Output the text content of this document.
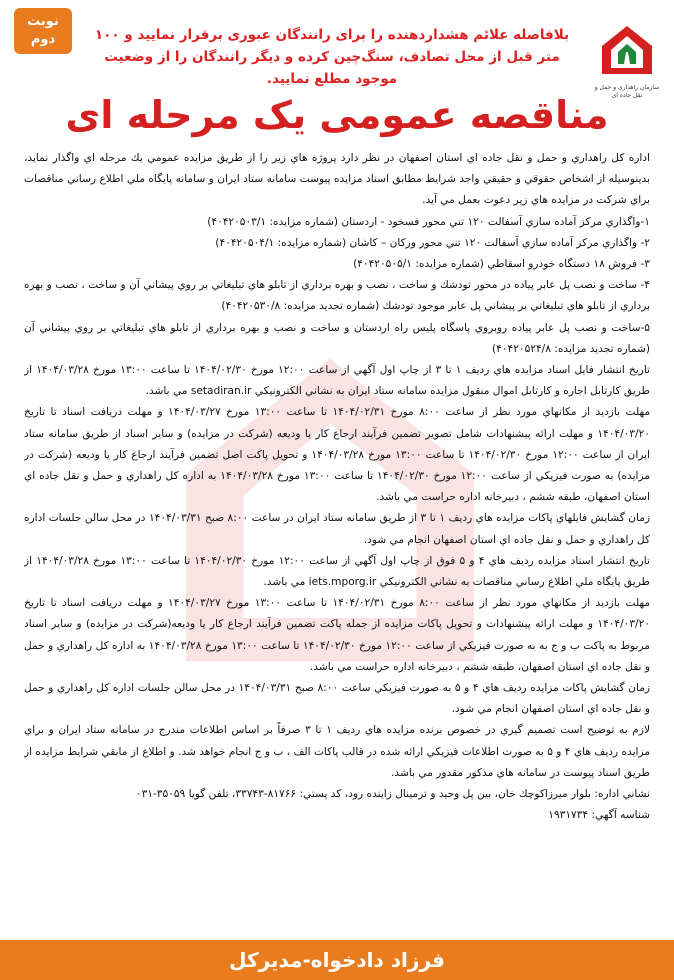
نوبت دوم
سازمان راهداری و حمل و نقل جاده ای
بلافاصله علائم هشداردهنده را برای رانندگان عبوری برقرار نمایید و ۱۰۰ متر قبل از محل تصادف، سنگ‌چین کرده و دیگر رانندگان را از وضعیت موجود مطلع نمایید.
مناقصه عمومی یک مرحله ای

اداره کل راهداري و حمل و نقل جاده اي استان اصفهان در نظر دارد پروژه هاي زير را از طريق مزايده عمومي يك مرحله اي واگذار نمايد، بدينوسيله از اشخاص حقوقي و حقيقي واجد شرايط مطابق اسناد مزايده پيوست سامانه ستاد ايران و سامانه پايگاه ملي اطلاع رساني مناقصات براي شركت در مزايده هاي زير دعوت بعمل مي آيد.

۱-واگذاري مركز آماده سازي آسفالت ۱۲۰ تني محور فسخود - اردستان (شماره مزايده: ۴۰۴۲۰۵۰۳/۱)

۲- واگذاري مركز آماده سازي آسفالت ۱۲۰ تني محور وركان – كاشان (شماره مزايده: ۴۰۴۲۰۵۰۴/۱)

۳- فروش ۱۸ دستگاه خودرو اسقاطي (شماره مزايده: ۴۰۴۲۰۵۰۵/۱)

۴- ساخت و نصب پل عابر پياده در محور تودشك و ساخت ، نصب و بهره برداري از تابلو هاي تبليغاتي بر روي پيشاني آن و ساخت ، نصب و بهره برداري از تابلو هاي تبليغاتي بر پيشاني پل عابر موجود تودشك (شماره تجديد مزايده: ۴۰۴۲۰۵۳۰/۸)

۵-ساخت و نصب پل عابر پياده روبروي پاسگاه پليس راه اردستان و ساخت و نصب و بهره برداري از تابلو هاي تبليغاتي بر روي پيشاني آن (شماره تجديد مزايده: ۴۰۴۲۰۵۲۴/۸)

تاريخ انتشار فايل اسناد مزايده هاي رديف ۱ تا ۳ از چاپ اول آگهي از ساعت ۱۲:۰۰ مورخ ۱۴۰۴/۰۲/۳۰ تا ساعت ۱۳:۰۰ مورخ ۱۴۰۴/۰۳/۲۸ از طريق كارتابل اجاره و كارتابل اموال منقول مزايده سامانه ستاد ايران به نشاني الكترونيكي setadiran.ir مي باشد.

مهلت بازديد از مكانهاي مورد نظر از ساعت ۸:۰۰ مورخ ۱۴۰۴/۰۲/۳۱ تا ساعت ۱۳:۰۰ مورخ ۱۴۰۴/۰۳/۲۷ و مهلت دريافت اسناد تا تاريخ ۱۴۰۴/۰۳/۲۰ و مهلت ارائه پيشنهادات شامل تصوير تضمين فرآيند ارجاع كار يا وديعه (شركت در مزايده) و ساير اسناد از طريق سامانه ستاد ايران از ساعت ۱۲:۰۰ مورخ ۱۴۰۴/۰۲/۳۰ تا ساعت ۱۳:۰۰ مورخ ۱۴۰۴/۰۳/۲۸ و تحويل پاكت اصل تضمين فرآيند ارجاع كار يا وديعه (شركت در مزايده) به صورت فيزيكي از ساعت ۱۲:۰۰ مورخ ۱۴۰۴/۰۲/۳۰ تا ساعت ۱۳:۰۰ مورخ ۱۴۰۴/۰۳/۲۸ به اداره كل راهداري و حمل و نقل جاده اي استان اصفهان، طبقه ششم ، دبيرخانه اداره حراست مي باشد.

زمان گشايش فايلهاي پاكات مزايده هاي رديف ۱ تا ۳ از طريق سامانه ستاد ايران در ساعت ۸:۰۰ صبح ۱۴۰۴/۰۳/۳۱ در محل سالن جلسات اداره كل راهداري و حمل و نقل جاده اي استان اصفهان انجام مي شود.

تاريخ انتشار اسناد مزايده رديف هاي ۴ و ۵ فوق از چاپ اول آگهي از ساعت ۱۲:۰۰ مورخ ۱۴۰۴/۰۲/۳۰ تا ساعت ۱۳:۰۰ مورخ ۱۴۰۴/۰۳/۲۸ از طريق پايگاه ملي اطلاع رساني مناقصات به نشاني الكترونيكي iets.mporg.ir مي باشد.

مهلت بازديد از مكانهاي مورد نظر از ساعت ۸:۰۰ مورخ ۱۴۰۴/۰۲/۳۱ تا ساعت ۱۳:۰۰ مورخ ۱۴۰۴/۰۳/۲۷ و مهلت دريافت اسناد تا تاريخ ۱۴۰۴/۰۳/۲۰ و مهلت ارائه پيشنهادات و تحويل پاكات مزايده از جمله پاكت تضمين فرآيند ارجاع كار يا وديعه(شركت در مزايده) و ساير اسناد مربوط به پاكت ب و ج به به صورت فيزيكي از ساعت ۱۲:۰۰ مورخ ۱۴۰۴/۰۲/۳۰ تا ساعت ۱۳:۰۰ مورخ ۱۴۰۴/۰۳/۲۸ به اداره كل راهداري و حمل و نقل جاده اي استان اصفهان، طبقه ششم ، دبيرخانه اداره حراست مي باشد.

زمان گشايش پاكات مزايده رديف هاي ۴ و ۵ به صورت فيزيكي ساعت ۸:۰۰ صبح ۱۴۰۴/۰۳/۳۱ در محل سالن جلسات اداره كل راهداري و حمل و نقل جاده اي استان اصفهان انجام مي شود.

لازم به توضيح است تصميم گيري در خصوص برنده مزايده هاي رديف ۱ تا ۳ صرفاً بر اساس اطلاعات مندرج در سامانه ستاد ايران و براي مزايده رديف هاي ۴ و ۵ به صورت اطلاعات فيزيكي ارائه شده در قالب پاكات الف ، ب و ج انجام خواهد شد. و اطلاع از مابقي شرايط مزايده از طريق اسناد پيوست در سامانه هاي مذكور مقدور مي باشد.

نشاني اداره: بلوار ميرزاكوچك خان، بين پل وحيد و ترمينال زاينده رود، كد پستي: ۸۱۷۶۶-۳۳۷۴۳، تلفن گويا ۳۵۰۵۹-۰۳۱

شناسه آگهي: ۱۹۳۱۷۳۴

فرزاد دادخواه-مديركل
